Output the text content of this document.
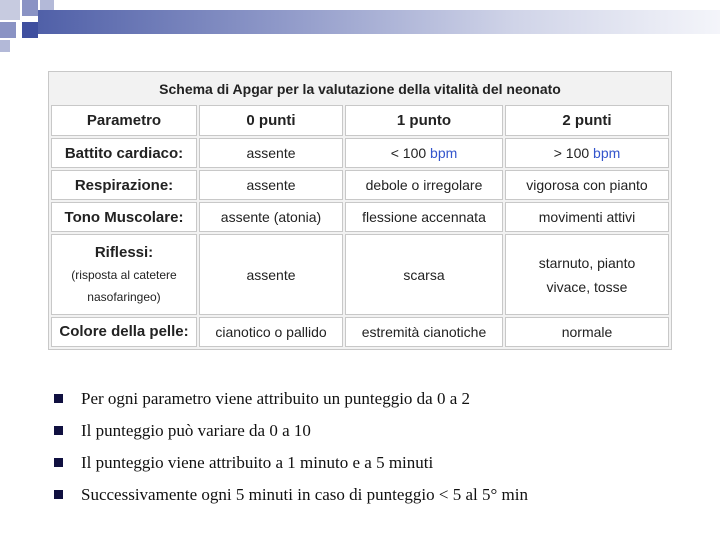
Schema di Apgar per la valutazione della vitalità del neonato			
Parametro	0 punti	1 punto	2 punti
Battito cardiaco:	assente	< 100 bpm	> 100 bpm
Respirazione:	assente	debole o irregolare	vigorosa con pianto
Tono Muscolare:	assente (atonia)	flessione accennata	movimenti attivi

Riflessi:
(risposta al catetere
nasofaringeo)	assente	scarsa	starnuto, pianto vivace, tosse
Colore della pelle:	cianotico o pallido	estremità cianotiche	normale
Per ogni parametro viene attribuito un punteggio da 0 a 2
Il punteggio può variare da 0 a 10
Il punteggio viene attribuito a 1 minuto e a 5 minuti
Successivamente ogni 5 minuti in caso di punteggio < 5 al 5° min
